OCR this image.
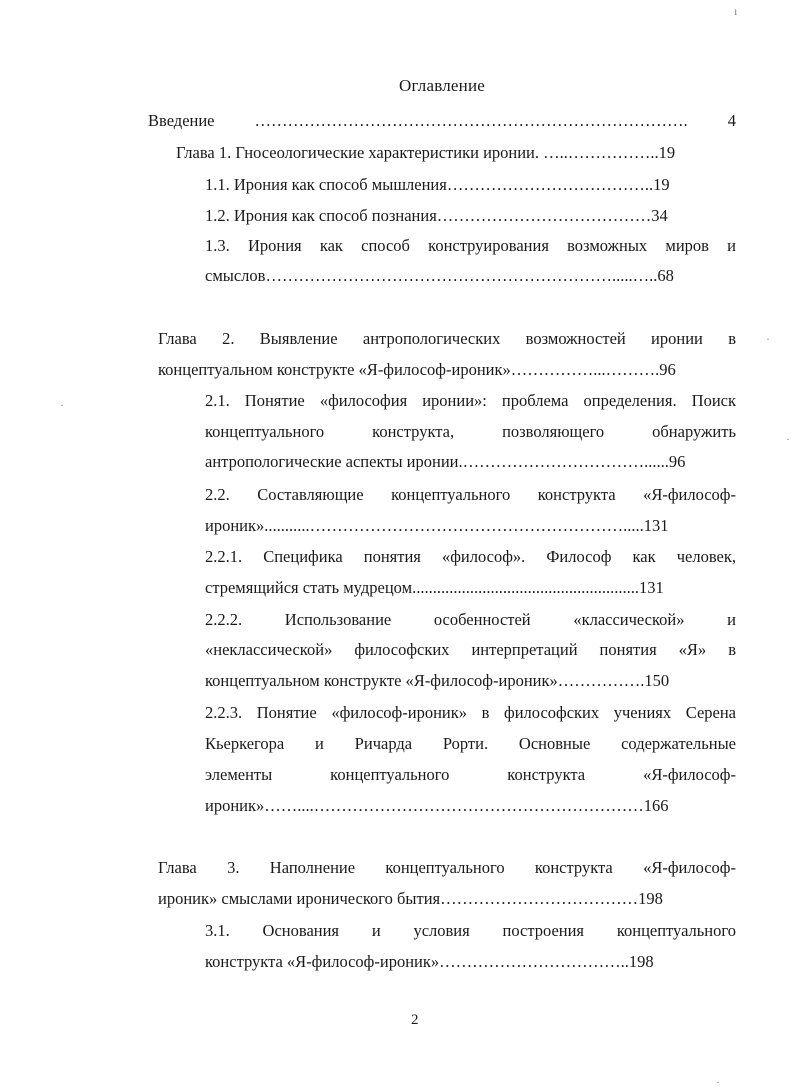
Оглавление
Введение ……………………………………………………………………. 4
Глава 1. Гносеологические характеристики иронии. …..……………..19
1.1. Ирония как способ мышления………………………………..19
1.2. Ирония как способ познания…………………………………34
1.3. Ирония как способ конструирования возможных миров и
смыслов……………………………………………………….....…..68
Глава 2. Выявление антропологических возможностей иронии в
концептуальном конструкте «Я-философ-ироник»……………...……….96
2.1. Понятие «философия иронии»: проблема определения. Поиск
концептуального конструкта, позволяющего обнаружить
антропологические аспекты иронии.……………………………......96
2.2. Составляющие концептуального конструкта «Я-философ-
ироник»...........………………………………………………….....131
2.2.1. Специфика понятия «философ». Философ как человек,
стремящийся стать мудрецом.......................................................131
2.2.2. Использование особенностей «классической» и
«неклассической» философских интерпретаций понятия «Я» в
концептуальном конструкте «Я-философ-ироник»…………….150
2.2.3. Понятие «философ-ироник» в философских учениях Серена
Кьеркегора и Ричарда Рорти. Основные содержательные
элементы концептуального конструкта «Я-философ-
ироник»……....……………………………………………………166
Глава 3. Наполнение концептуального конструкта «Я-философ-
ироник» смыслами иронического бытия………………………………198
3.1. Основания и условия построения концептуального
конструкта «Я-философ-ироник»……………………………..198
2
ı
·
·
·
·
